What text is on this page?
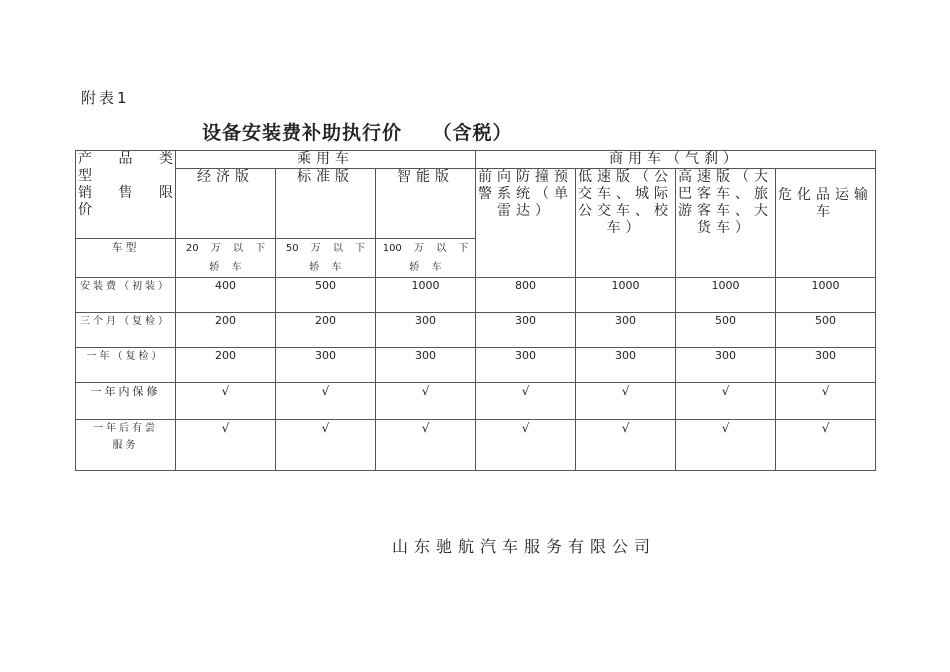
附表1
设备安装费补助执行价    （含税）
产 品 类
型
销 售 限
价	乘用车			商用车（气刹）			
	经济版	标准版	智能版	前向防撞预警系统（单雷达）	低速版（公交车、城际公交车、校车）	高速版（大巴客车、旅游客车、大货车）	危化品运输车
车型	20 万 以 下 轿 车	50 万 以 下 轿 车	100 万 以 下 轿 车				
安装费（初装）	400	500	1000	800	1000	1000	1000
三个月（复检）	200	200	300	300	300	500	500
一年（复检）	200	300	300	300	300	300	300
一年内保修	√	√	√	√	√	√	√
一年后有尝服务	√	√	√	√	√	√	√
山东驰航汽车服务有限公司
